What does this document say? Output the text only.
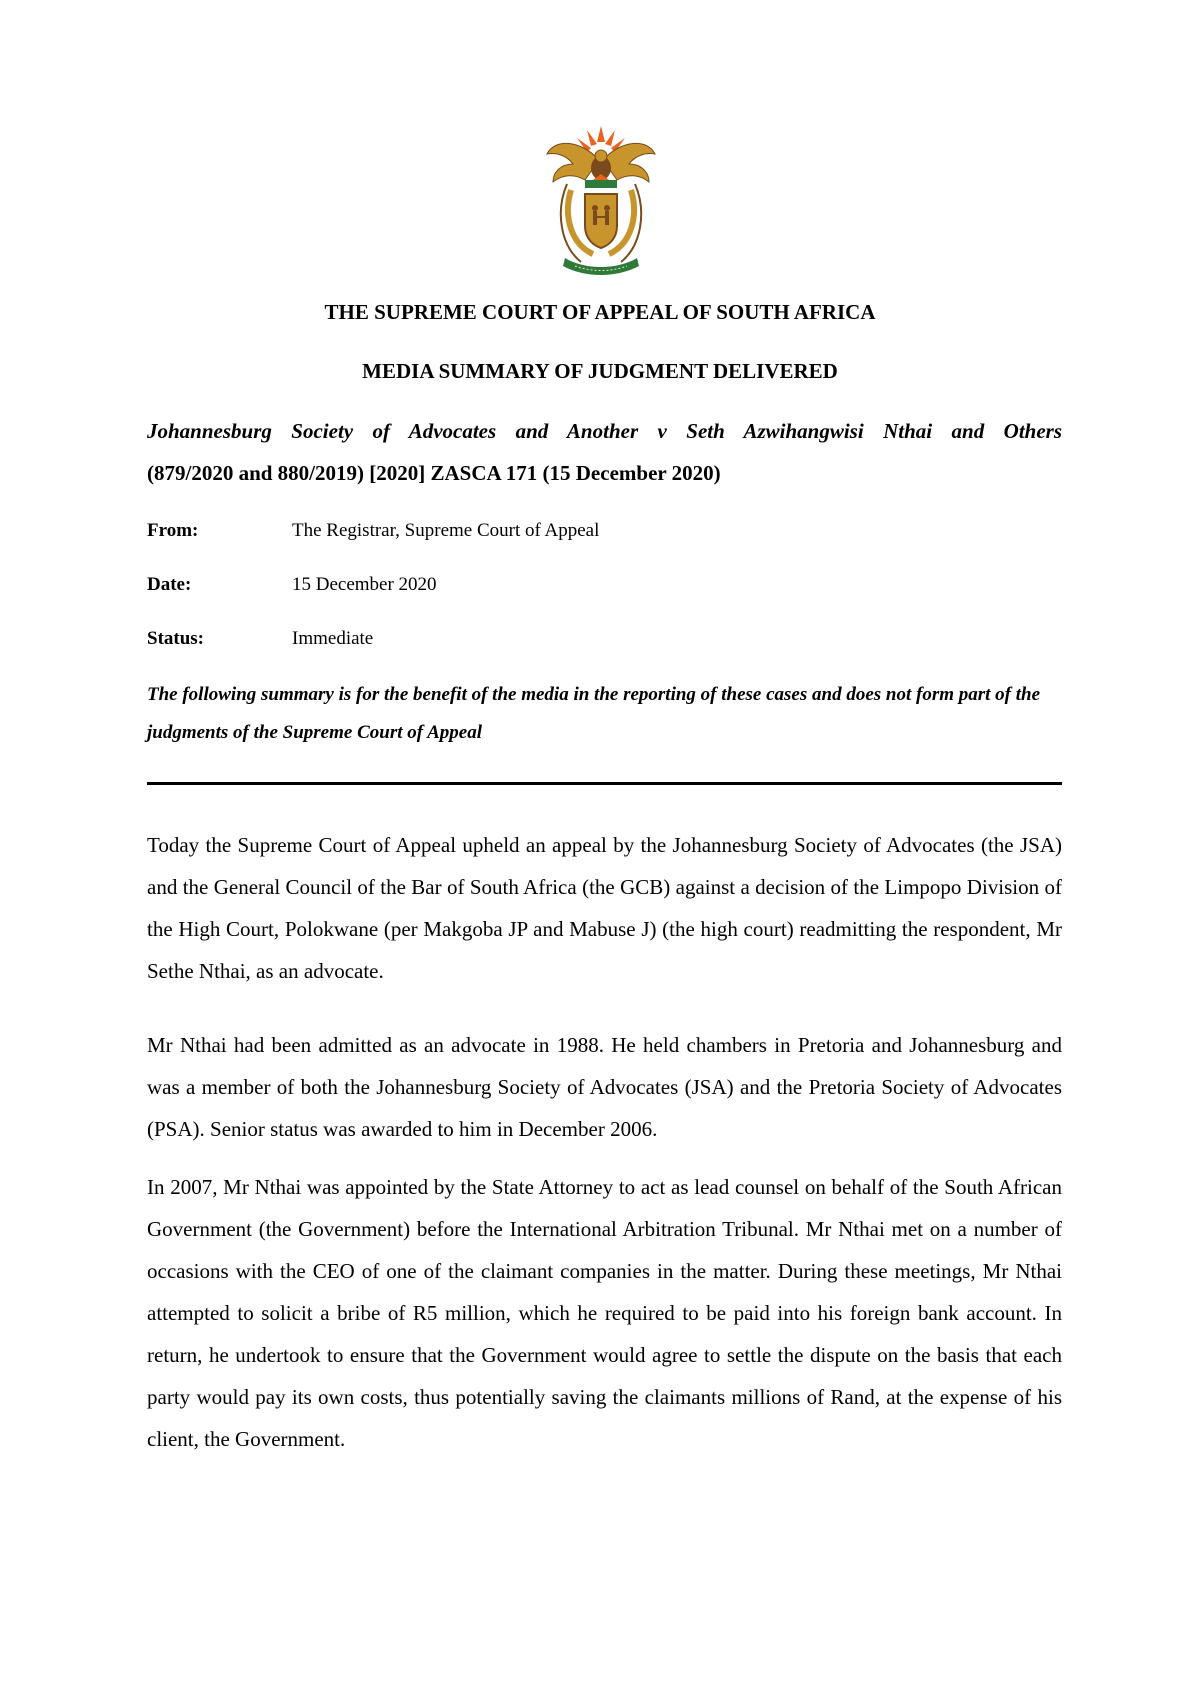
THE SUPREME COURT OF APPEAL OF SOUTH AFRICA
MEDIA SUMMARY OF JUDGMENT DELIVERED
Johannesburg Society of Advocates and Another v Seth Azwihangwisi Nthai and Others
(879/2020 and 880/2019) [2020] ZASCA 171 (15 December 2020)
From:	The Registrar, Supreme Court of Appeal
Date:	15 December 2020
Status:	Immediate
The following summary is for the benefit of the media in the reporting of these cases and does not form part of the judgments of the Supreme Court of Appeal

Today the Supreme Court of Appeal upheld an appeal by the Johannesburg Society of Advocates (the JSA) and the General Council of the Bar of South Africa (the GCB) against a decision of the Limpopo Division of the High Court, Polokwane (per Makgoba JP and Mabuse J) (the high court) readmitting the respondent, Mr Sethe Nthai, as an advocate.

Mr Nthai had been admitted as an advocate in 1988. He held chambers in Pretoria and Johannesburg and was a member of both the Johannesburg Society of Advocates (JSA) and the Pretoria Society of Advocates (PSA). Senior status was awarded to him in December 2006.

In 2007, Mr Nthai was appointed by the State Attorney to act as lead counsel on behalf of the South African Government (the Government) before the International Arbitration Tribunal. Mr Nthai met on a number of occasions with the CEO of one of the claimant companies in the matter. During these meetings, Mr Nthai attempted to solicit a bribe of R5 million, which he required to be paid into his foreign bank account. In return, he undertook to ensure that the Government would agree to settle the dispute on the basis that each party would pay its own costs, thus potentially saving the claimants millions of Rand, at the expense of his client, the Government.
